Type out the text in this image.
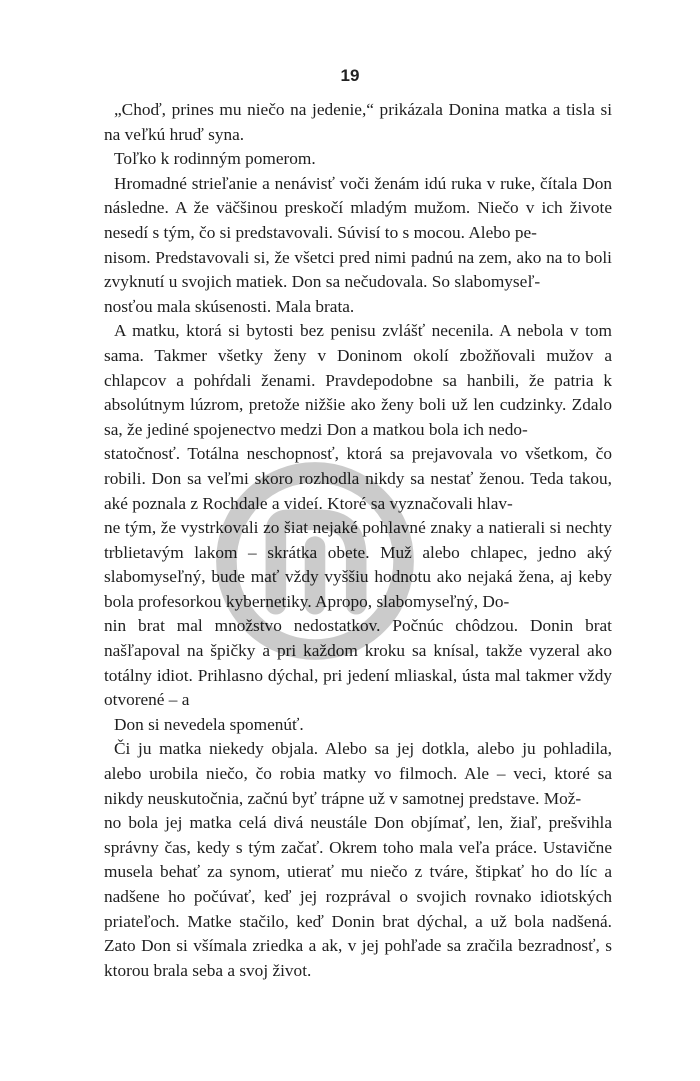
19

„Choď, prines mu niečo na jedenie,“ prikázala Donina matka a tisla si na veľkú hruď syna.

Toľko k rodinným pomerom.

Hromadné strieľanie a nenávisť voči ženám idú ruka v ruke, čítala Don následne. A že väčšinou preskočí mladým mužom. Niečo v ich živote nesedí s tým, čo si predstavovali. Súvisí to s mocou. Alebo pe-
nisom. Predstavovali si, že všetci pred nimi padnú na zem, ako na to boli zvyknutí u svojich matiek. Don sa nečudovala. So slabomyseľ-
nosťou mala skúsenosti. Mala brata.

A matku, ktorá si bytosti bez penisu zvlášť necenila. A nebola v tom sama. Takmer všetky ženy v Doninom okolí zbožňovali mužov a chlapcov a pohŕdali ženami. Pravdepodobne sa hanbili, že patria k absolútnym lúzrom, pretože nižšie ako ženy boli už len cudzinky. Zdalo sa, že jediné spojenectvo medzi Don a matkou bola ich nedo-
statočnosť. Totálna neschopnosť, ktorá sa prejavovala vo všetkom, čo robili. Don sa veľmi skoro rozhodla nikdy sa nestať ženou. Teda takou, aké poznala z Rochdale a videí. Ktoré sa vyznačovali hlav-
ne tým, že vystrkovali zo šiat nejaké pohlavné znaky a natierali si nechty trblietavým lakom – skrátka obete. Muž alebo chlapec, jedno aký slabomyseľný, bude mať vždy vyššiu hodnotu ako nejaká žena, aj keby bola profesorkou kybernetiky. Apropo, slabomyseľný, Do-
nin brat mal množstvo nedostatkov. Počnúc chôdzou. Donin brat našľapoval na špičky a pri každom kroku sa knísal, takže vyzeral ako totálny idiot. Prihlasno dýchal, pri jedení mliaskal, ústa mal takmer vždy otvorené – a

Don si nevedela spomenúť.

Či ju matka niekedy objala. Alebo sa jej dotkla, alebo ju pohladila, alebo urobila niečo, čo robia matky vo filmoch. Ale – veci, ktoré sa nikdy neuskutočnia, začnú byť trápne už v samotnej predstave. Mož-
no bola jej matka celá divá neustále Don objímať, len, žiaľ, prešvihla správny čas, kedy s tým začať. Okrem toho mala veľa práce. Ustavične musela behať za synom, utierať mu niečo z tváre, štipkať ho do líc a nadšene ho počúvať, keď jej rozprával o svojich rovnako idiotských priateľoch. Matke stačilo, keď Donin brat dýchal, a už bola nadšená. Zato Don si všímala zriedka a ak, v jej pohľade sa zračila bezradnosť, s ktorou brala seba a svoj život.
